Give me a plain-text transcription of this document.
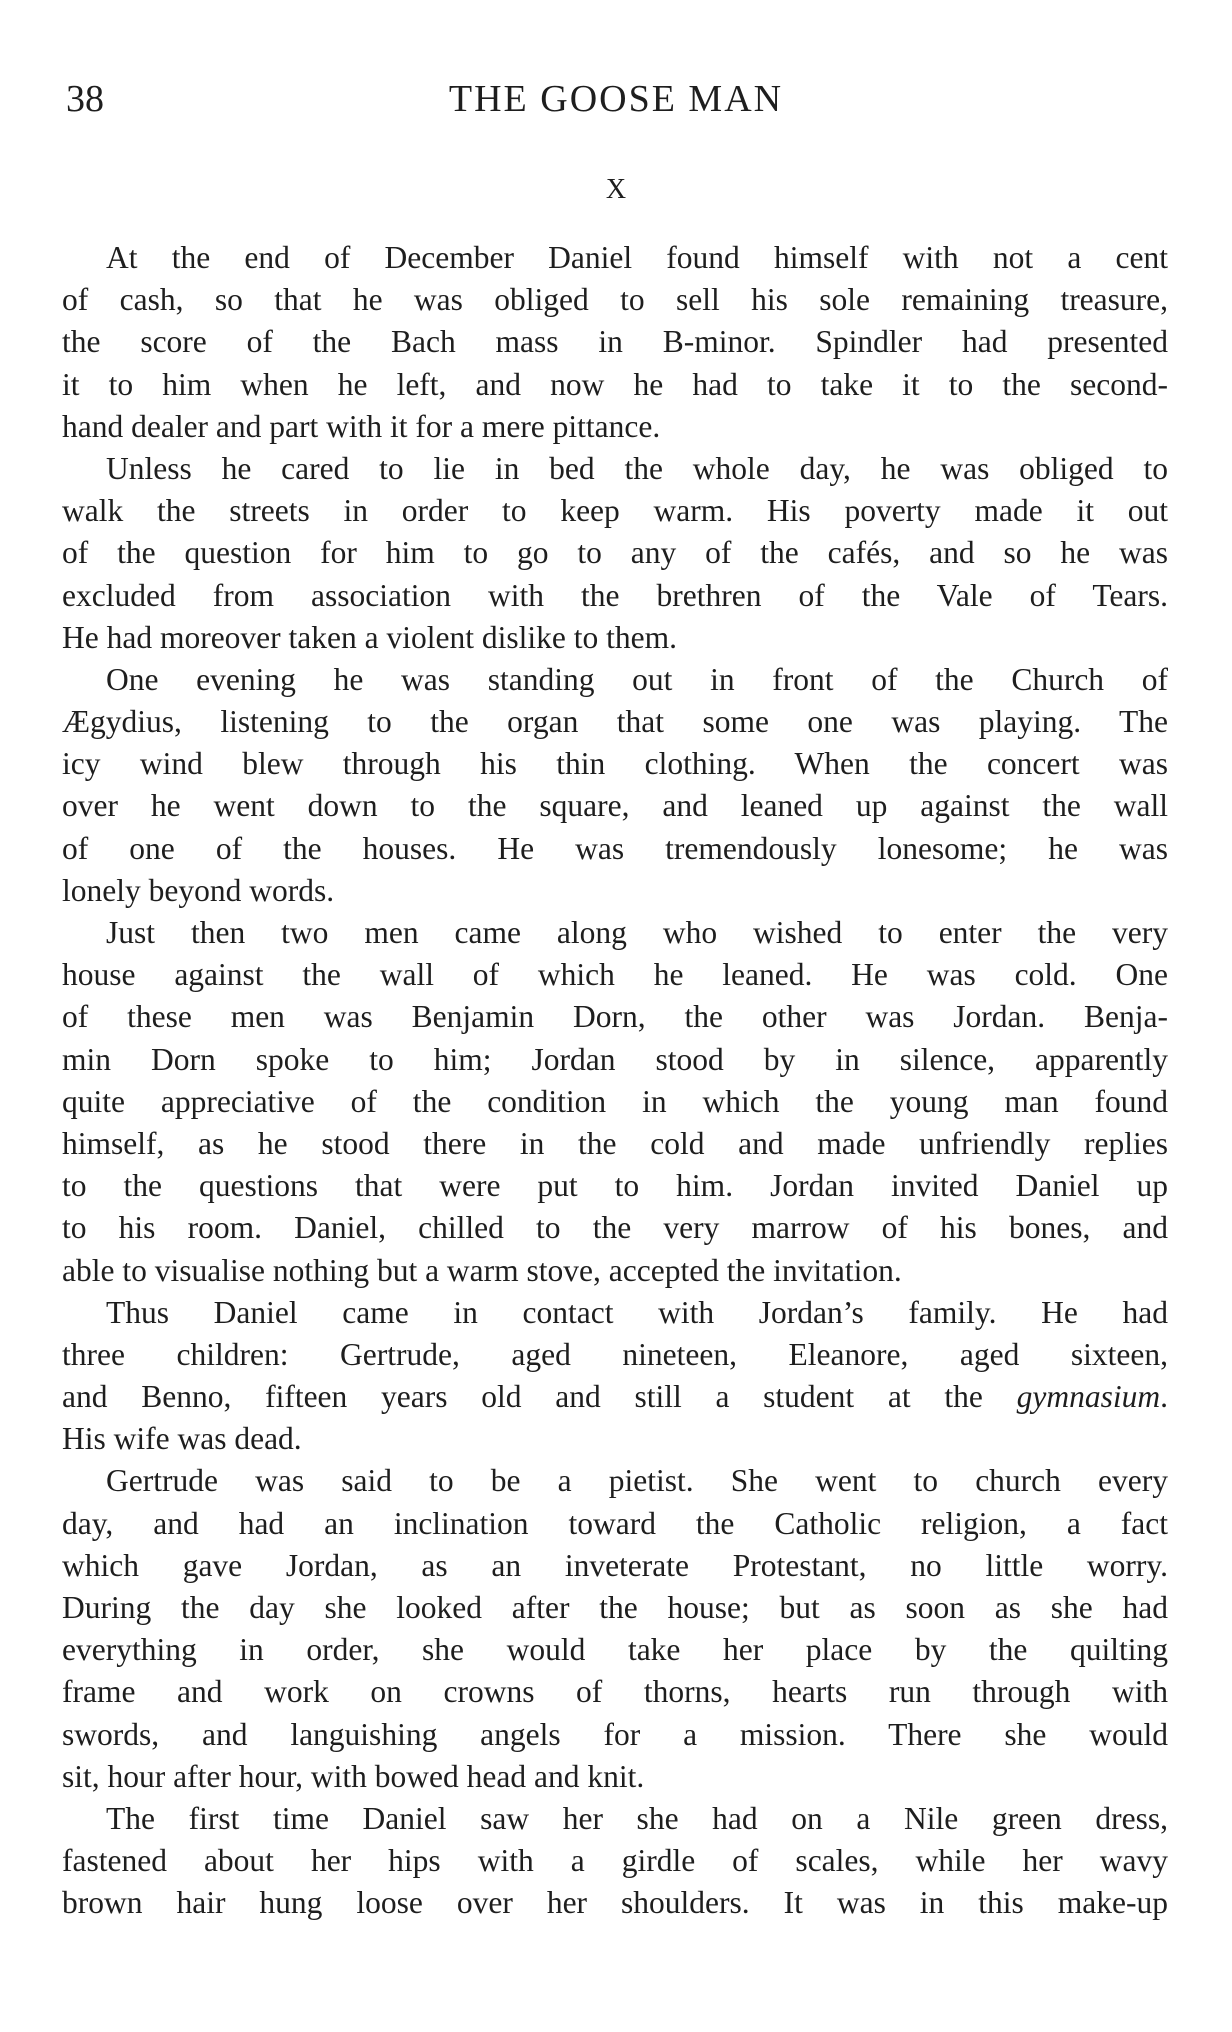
38	THE GOOSE MAN
X

At the end of December Daniel found himself with not a cent
of cash, so that he was obliged to sell his sole remaining treasure,
the score of the Bach mass in B-minor. Spindler had presented
it to him when he left, and now he had to take it to the second-
hand dealer and part with it for a mere pittance.

Unless he cared to lie in bed the whole day, he was obliged to
walk the streets in order to keep warm. His poverty made it out
of the question for him to go to any of the cafés, and so he was
excluded from association with the brethren of the Vale of Tears.
He had moreover taken a violent dislike to them.

One evening he was standing out in front of the Church of
Ægydius, listening to the organ that some one was playing. The
icy wind blew through his thin clothing. When the concert was
over he went down to the square, and leaned up against the wall
of one of the houses. He was tremendously lonesome; he was
lonely beyond words.

Just then two men came along who wished to enter the very
house against the wall of which he leaned. He was cold. One
of these men was Benjamin Dorn, the other was Jordan. Benja-
min Dorn spoke to him; Jordan stood by in silence, apparently
quite appreciative of the condition in which the young man found
himself, as he stood there in the cold and made unfriendly replies
to the questions that were put to him. Jordan invited Daniel up
to his room. Daniel, chilled to the very marrow of his bones, and
able to visualise nothing but a warm stove, accepted the invitation.

Thus Daniel came in contact with Jordan’s family. He had
three children: Gertrude, aged nineteen, Eleanore, aged sixteen,
and Benno, fifteen years old and still a student at the gymnasium.
His wife was dead.

Gertrude was said to be a pietist. She went to church every
day, and had an inclination toward the Catholic religion, a fact
which gave Jordan, as an inveterate Protestant, no little worry.
During the day she looked after the house; but as soon as she had
everything in order, she would take her place by the quilting
frame and work on crowns of thorns, hearts run through with
swords, and languishing angels for a mission. There she would
sit, hour after hour, with bowed head and knit.

The first time Daniel saw her she had on a Nile green dress,
fastened about her hips with a girdle of scales, while her wavy
brown hair hung loose over her shoulders. It was in this make-up
